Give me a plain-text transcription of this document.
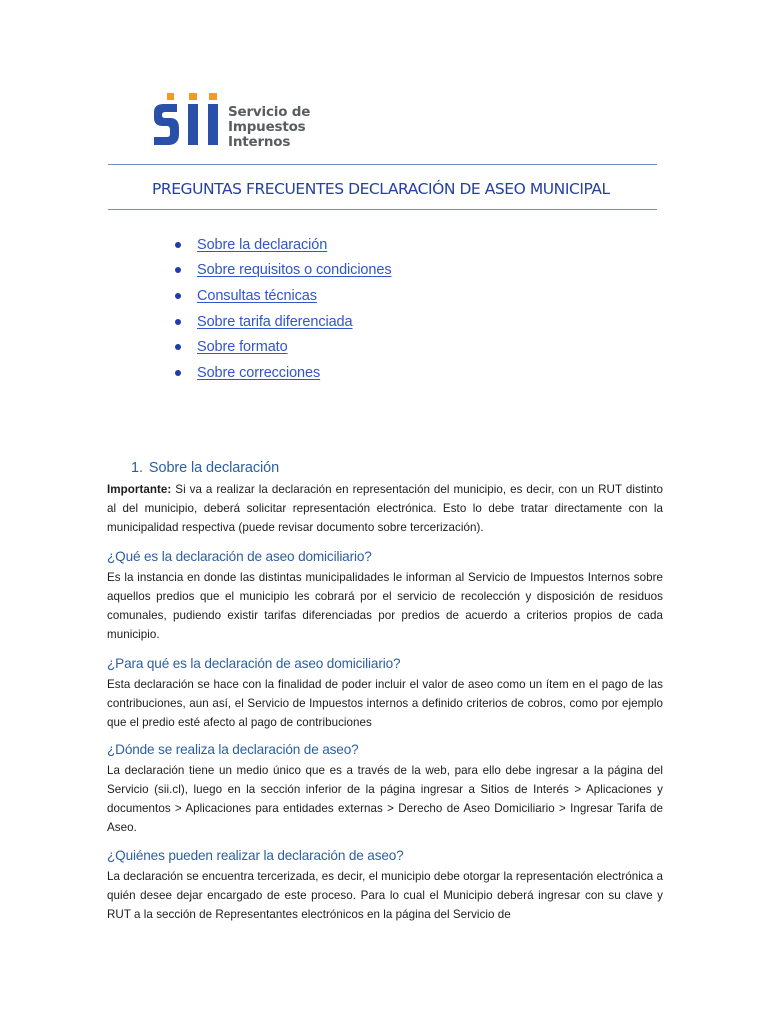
Servicio de
Impuestos
Internos
PREGUNTAS FRECUENTES DECLARACIÓN DE ASEO MUNICIPAL
Sobre la declaración
Sobre requisitos o condiciones
Consultas técnicas
Sobre tarifa diferenciada
Sobre formato
Sobre correcciones
1. Sobre la declaración

Importante: Si va a realizar la declaración en representación del municipio, es decir, con un RUT distinto al del municipio, deberá solicitar representación electrónica. Esto lo debe tratar directamente con la municipalidad respectiva (puede revisar documento sobre tercerización).

¿Qué es la declaración de aseo domiciliario?

Es la instancia en donde las distintas municipalidades le informan al Servicio de Impuestos Internos sobre aquellos predios que el municipio les cobrará por el servicio de recolección y disposición de residuos comunales, pudiendo existir tarifas diferenciadas por predios de acuerdo a criterios propios de cada municipio.

¿Para qué es la declaración de aseo domiciliario?

Esta declaración se hace con la finalidad de poder incluir el valor de aseo como un ítem en el pago de las contribuciones, aun así, el Servicio de Impuestos internos a definido criterios de cobros, como por ejemplo que el predio esté afecto al pago de contribuciones

¿Dónde se realiza la declaración de aseo?

La declaración tiene un medio único que es a través de la web, para ello debe ingresar a la página del Servicio (sii.cl), luego en la sección inferior de la página ingresar a Sitios de Interés > Aplicaciones y documentos > Aplicaciones para entidades externas > Derecho de Aseo Domiciliario > Ingresar Tarifa de Aseo.

¿Quiénes pueden realizar la declaración de aseo?

La declaración se encuentra tercerizada, es decir, el municipio debe otorgar la representación electrónica a quién desee dejar encargado de este proceso. Para lo cual el Municipio deberá ingresar con su clave y RUT a la sección de Representantes electrónicos en la página del Servicio de
